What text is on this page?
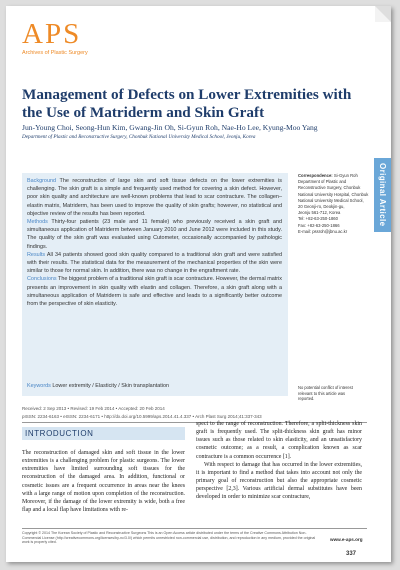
APS
Archives of Plastic Surgery
Original Article
Management of Defects on Lower Extremities with the Use of Matriderm and Skin Graft
Jun-Young Choi, Seong-Hun Kim, Gwang-Jin Oh, Si-Gyun Roh, Nae-Ho Lee, Kyung-Moo Yang
Department of Plastic and Reconstructive Surgery, Chonbuk National University Medical School, Jeonju, Korea

Background The reconstruction of large skin and soft tissue defects on the lower extremities is challenging. The skin graft is a simple and frequently used method for covering a skin defect. However, poor skin quality and architecture are well-known problems that lead to scar contracture. The collagen–elastin matrix, Matriderm, has been used to improve the quality of skin grafts; however, no statistical and objective review of the results has been reported.

Methods Thirty-four patients (23 male and 11 female) who previously received a skin graft and simultaneous application of Matriderm between January 2010 and June 2012 were included in this study. The quality of the skin graft was evaluated using Cutometer, occasionally accompanied by pathologic findings.

Results All 34 patients showed good skin quality compared to a traditional skin graft and were satisfied with their results. The statistical data for the measurement of the mechanical properties of the skin were similar to those for normal skin. In addition, there was no change in the engraftment rate.

Conclusions The biggest problem of a traditional skin graft is scar contracture. However, the dermal matrix presents an improvement in skin quality with elastin and collagen. Therefore, a skin graft along with a simultaneous application of Matriderm is safe and effective and leads to a significantly better outcome from the perspective of skin elasticity.

Keywords Lower extremity / Elasticity / Skin transplantation

Correspondence: Si-Gyun Roh
Department of Plastic and
Reconstructive Surgery, Chonbuk
National University Hospital, Chonbuk
National University Medical School,
20 Geonji-ro, Deokjin-gu,
Jeonju 561-712, Korea
Tel: +82-63-250-1860
Fax: +82-63-250-1866
E-mail: pssroh@jbnu.ac.kr
No potential conflict of interest relevant to this article was reported.
Received: 2 Sep 2013 • Revised: 19 Feb 2014 • Accepted: 20 Feb 2014
pISSN: 2234-6163 • eISSN: 2234-6171 • http://dx.doi.org/10.5999/aps.2014.41.4.337 • Arch Plast Surg 2014;41:337-343
INTRODUCTION

The reconstruction of damaged skin and soft tissue in the lower extremities is a challenging problem for plastic surgeons. The lower extremities have limited surrounding soft tissues for the reconstruction of the damaged area. In addition, functional or cosmetic issues are a frequent occurrence in areas near the knees with a large range of motion upon completion of the reconstruction. Moreover, if the damage of the lower extremity is wide, both a free flap and a local flap have limitations with re-

spect to the range of reconstruction. Therefore, a split-thickness skin graft is frequently used. The split-thickness skin graft has minor issues such as those related to skin elasticity, and an unsatisfactory cosmetic outcome; as a result, a complication known as scar contracture is a common occurrence [1].

With respect to damage that has occurred in the lower extremities, it is important to find a method that takes into account not only the primary goal of reconstruction but also the appropriate cosmetic perspective [2,3]. Various artificial dermal substitutes have been developed in order to minimize scar contracture,

Copyright © 2014 The Korean Society of Plastic and Reconstructive Surgeons This is an Open Access article distributed under the terms of the Creative Commons Attribution Non-Commercial License (http://creativecommons.org/licenses/by-nc/3.0/) which permits unrestricted non-commercial use, distribution, and reproduction in any medium, provided the original work is properly cited.
www.e-aps.org
337
